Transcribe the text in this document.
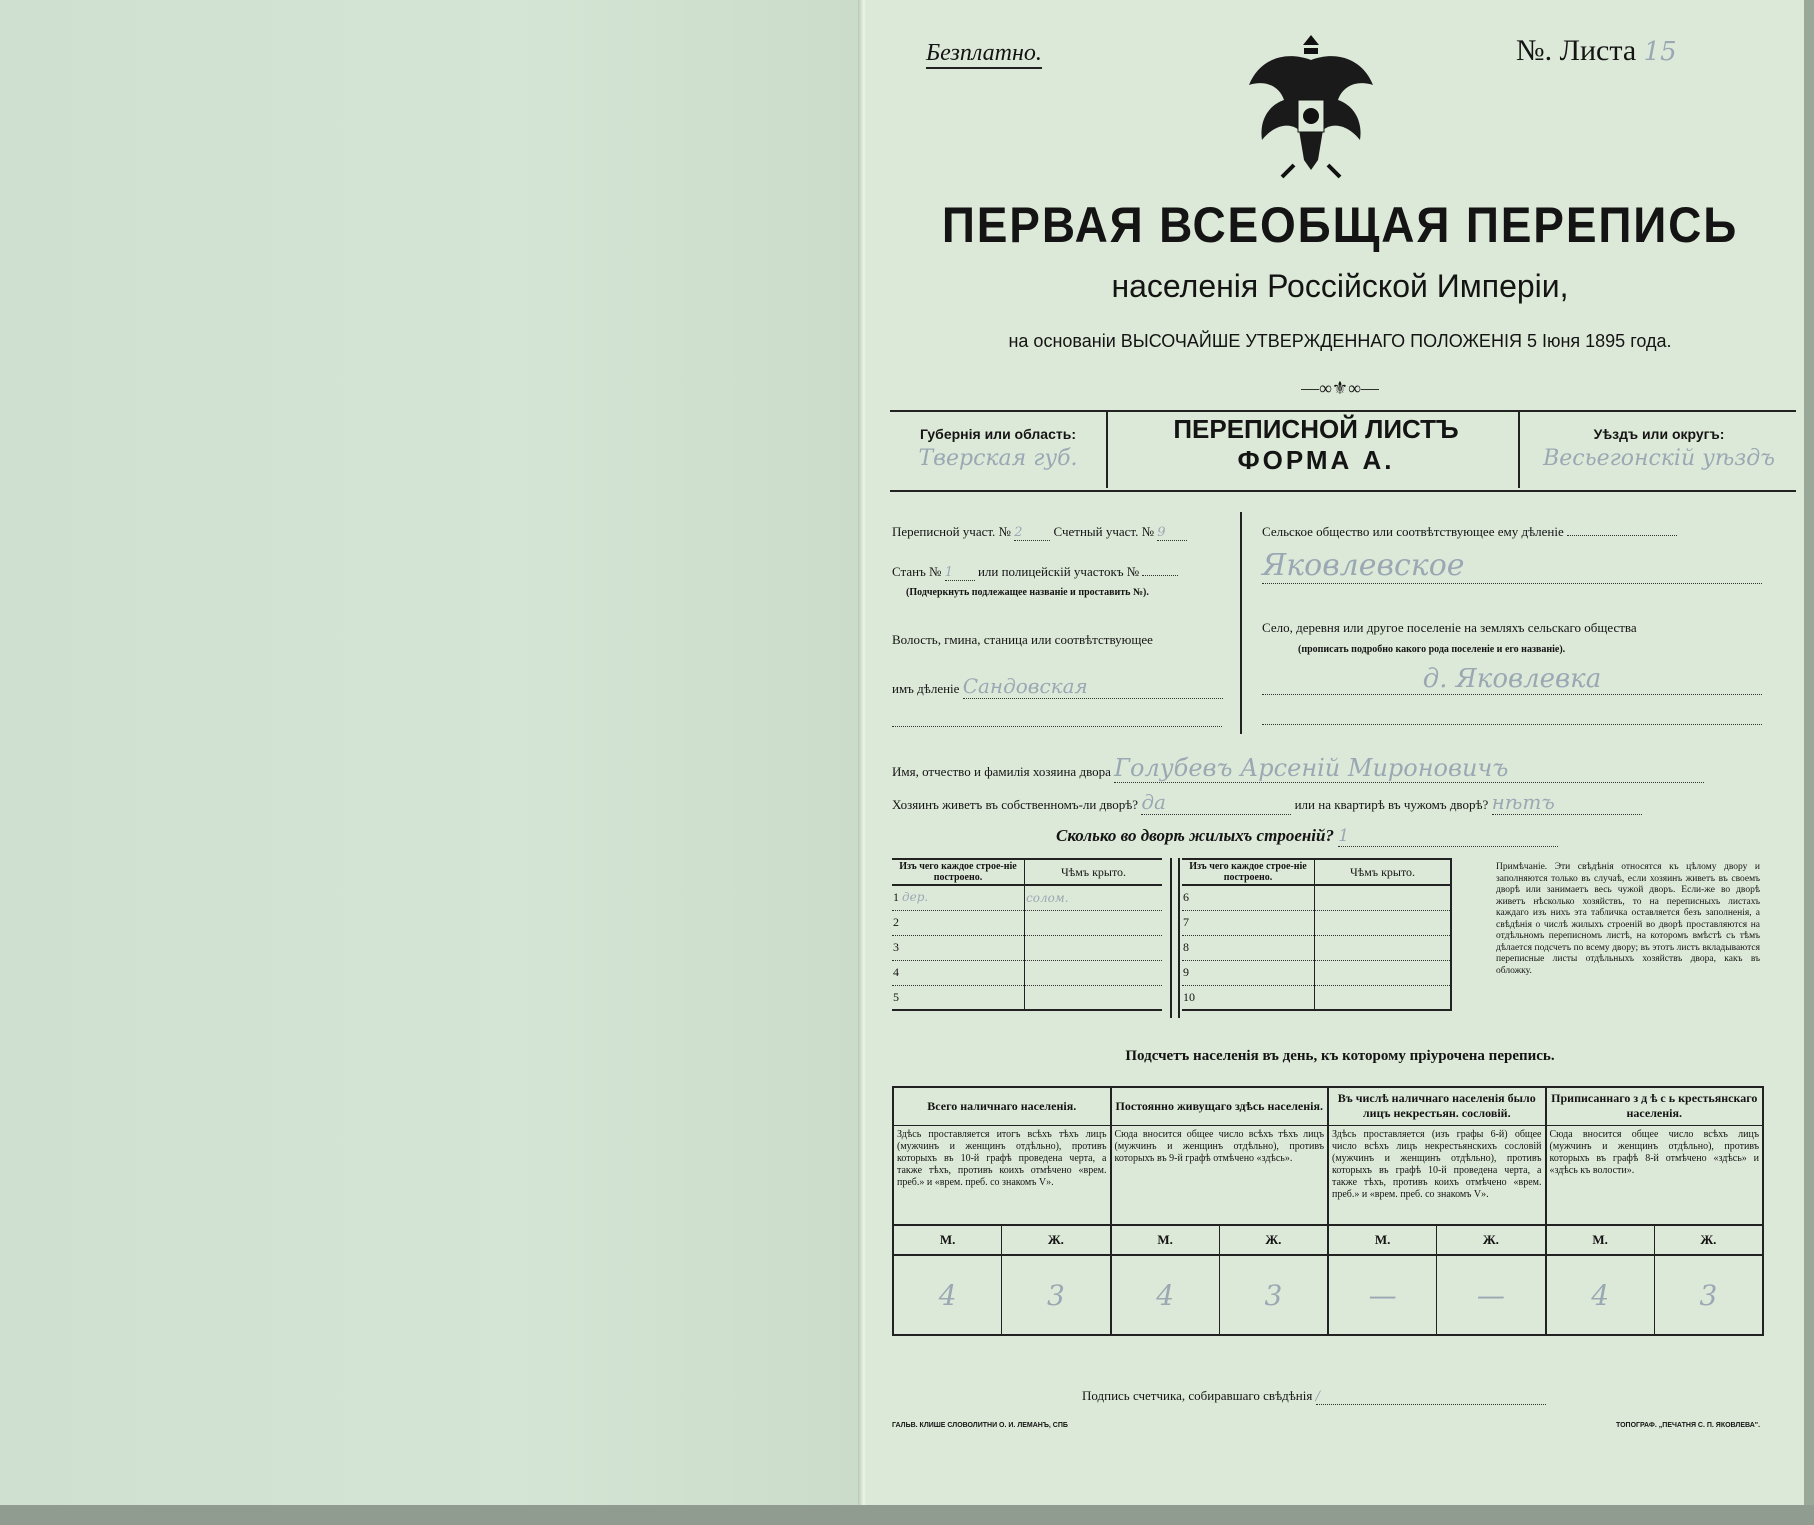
Безплатно.	№. Листа 15
ПЕРВАЯ ВСЕОБЩАЯ ПЕРЕПИСЬ
населенія Россійской Имперіи,
на основаніи ВЫСОЧАЙШЕ УТВЕРЖДЕННАГО ПОЛОЖЕНІЯ 5 Іюня 1895 года.
—∞⚜∞—
Губернія или область:
Тверская губ.
ПЕРЕПИСНОЙ ЛИСТЪ
ФОРМА А.
Уѣздъ или округъ:
Весьегонскій уѣздъ
Переписной участ. № 2 Счетный участ. № 9
Станъ № 1 или полицейскій участокъ №
(Подчеркнуть подлежащее названіе и проставить №).
Волость, гмина, станица или соотвѣтствующее
имъ дѣленіе Сандовская
Сельское общество или соотвѣтствующее ему дѣленіе
Яковлевское
Село, деревня или другое поселеніе на земляхъ сельскаго общества
(прописать подробно какого рода поселеніе и его названіе).
д. Яковлевка
Имя, отчество и фамилія хозяина двора Голубевъ Арсеній Мироновичъ
Хозяинъ живетъ въ собственномъ-ли дворѣ? да	или на квартирѣ въ чужомъ дворѣ? нѣтъ
Сколько во дворѣ жилыхъ строеній? 1
Изъ чего каждое строе-ніе построено.	Чѣмъ крыто.
1 дер.	солом.
2	
3	
4	
5	
Изъ чего каждое строе-ніе построено.	Чѣмъ крыто.
6	
7	
8	
9	
10	
Примѣчаніе. Эти свѣдѣнія относятся къ цѣлому двору и заполняются только въ случаѣ, если хозяинъ живетъ въ своемъ дворѣ или занимаетъ весь чужой дворъ. Если-же во дворѣ живетъ нѣсколько хозяйствъ, то на переписныхъ листахъ каждаго изъ нихъ эта табличка оставляется безъ заполненія, а свѣдѣнія о числѣ жилыхъ строеній во дворѣ проставляются на отдѣльномъ переписномъ листѣ, на которомъ вмѣстѣ съ тѣмъ дѣлается подсчетъ по всему двору; въ этотъ листъ вкладываются переписные листы отдѣльныхъ хозяйствъ двора, какъ въ обложку.
Подсчетъ населенія въ день, къ которому пріурочена перепись.
Всего наличнаго населенія.		Постоянно живущаго здѣсь населенія.		Въ числѣ наличнаго населенія было лицъ некрестьян. сословій.		Приписаннаго з д ѣ с ь крестьянскаго населенія.	
Здѣсь проставляется итогъ всѣхъ тѣхъ лицъ (мужчинъ и женщинъ отдѣльно), противъ которыхъ въ 10-й графѣ проведена черта, а также тѣхъ, противъ коихъ отмѣчено «врем. преб.» и «врем. преб. со знакомъ V».		Сюда вносится общее число всѣхъ тѣхъ лицъ (мужчинъ и женщинъ отдѣльно), противъ которыхъ въ 9-й графѣ отмѣчено «здѣсь».		Здѣсь проставляется (изъ графы 6-й) общее число всѣхъ лицъ некрестьянскихъ сословій (мужчинъ и женщинъ отдѣльно), противъ которыхъ въ графѣ 10-й проведена черта, а также тѣхъ, противъ коихъ отмѣчено «врем. преб.» и «врем. преб. со знакомъ V».		Сюда вносится общее число всѣхъ лицъ (мужчинъ и женщинъ отдѣльно), противъ которыхъ въ графѣ 8-й отмѣчено «здѣсь» и «здѣсь къ волости».	
М.	Ж.	М.	Ж.	М.	Ж.	М.	Ж.
4	3	4	3	—	—	4	3
Подпись счетчика, собиравшаго свѣдѣнія /
ГАЛЬВ. КЛИШЕ СЛОВОЛИТНИ О. И. ЛЕМАНЪ, СПБ	ТОПОГРАФ. „ПЕЧАТНЯ С. П. ЯКОВЛЕВА".
